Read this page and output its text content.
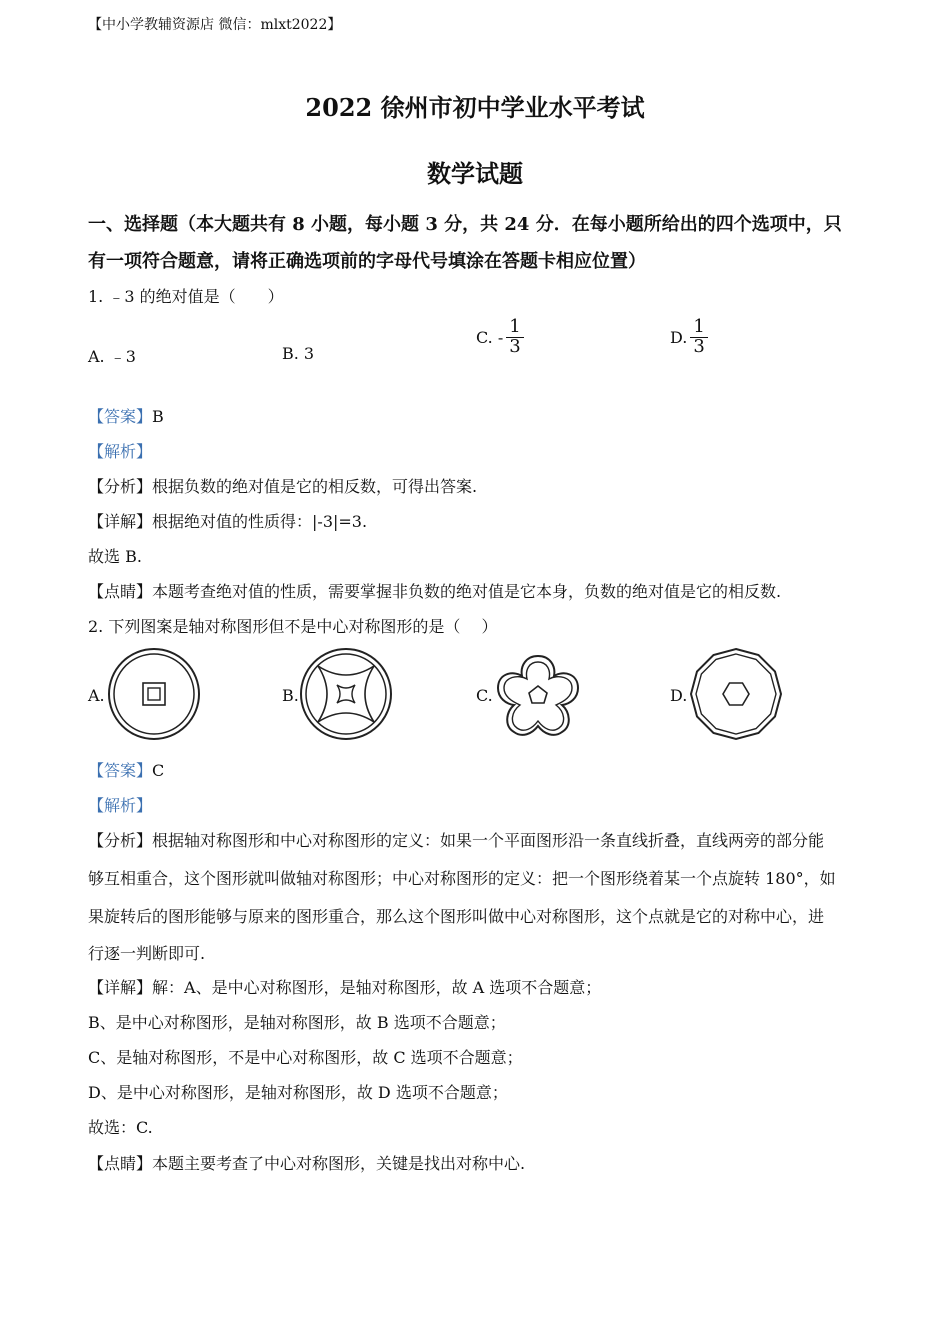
【中小学教辅资源店 微信：mlxt2022】
2022 徐州市初中学业水平考试
数学试题
一、选择题（本大题共有 8 小题，每小题 3 分，共 24 分．在每小题所给出的四个选项中，只
有一项符合题意，请将正确选项前的字母代号填涂在答题卡相应位置）
1. ﹣3 的绝对值是（　　）
A. ﹣3	B. 3
C. - $\frac{1}{3}$	D. $\frac{1}{3}$
【答案】B
【解析】
【分析】根据负数的绝对值是它的相反数，可得出答案.
【详解】根据绝对值的性质得：|-3|=3.
故选 B.
【点睛】本题考查绝对值的性质，需要掌握非负数的绝对值是它本身，负数的绝对值是它的相反数.
2. 下列图案是轴对称图形但不是中心对称图形的是（　 ）
A.	B.	C.	D.
【答案】C
【解析】
【分析】根据轴对称图形和中心对称图形的定义：如果一个平面图形沿一条直线折叠，直线两旁的部分能
够互相重合，这个图形就叫做轴对称图形；中心对称图形的定义：把一个图形绕着某一个点旋转 180°，如
果旋转后的图形能够与原来的图形重合，那么这个图形叫做中心对称图形，这个点就是它的对称中心，进
行逐一判断即可.
【详解】解：A、是中心对称图形，是轴对称图形，故 A 选项不合题意；
B、是中心对称图形，是轴对称图形，故 B 选项不合题意；
C、是轴对称图形，不是中心对称图形，故 C 选项不合题意；
D、是中心对称图形，是轴对称图形，故 D 选项不合题意；
故选：C.
【点睛】本题主要考查了中心对称图形，关键是找出对称中心.
